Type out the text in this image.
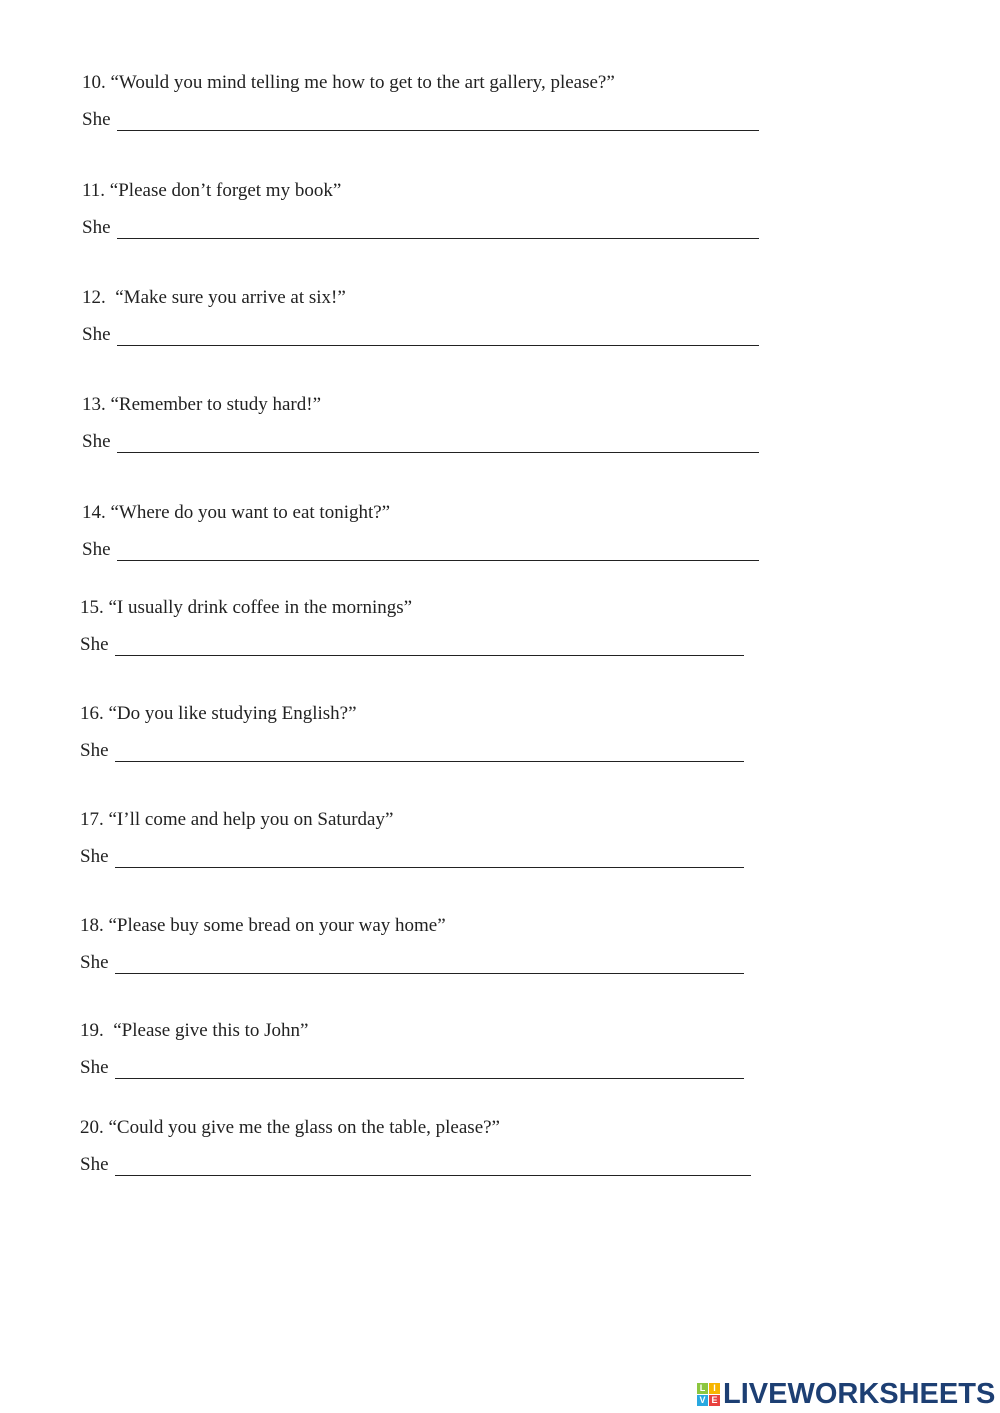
10. “Would you mind telling me how to get to the art gallery, please?”
She
11. “Please don’t forget my book”
She
12.  “Make sure you arrive at six!”
She
13. “Remember to study hard!”
She
14. “Where do you want to eat tonight?”
She
15. “I usually drink coffee in the mornings”
She
16. “Do you like studying English?”
She
17. “I’ll come and help you on Saturday”
She
18. “Please buy some bread on your way home”
She
19.  “Please give this to John”
She
20. “Could you give me the glass on the table, please?”
She
L I
V E LIVEWORKSHEETS
